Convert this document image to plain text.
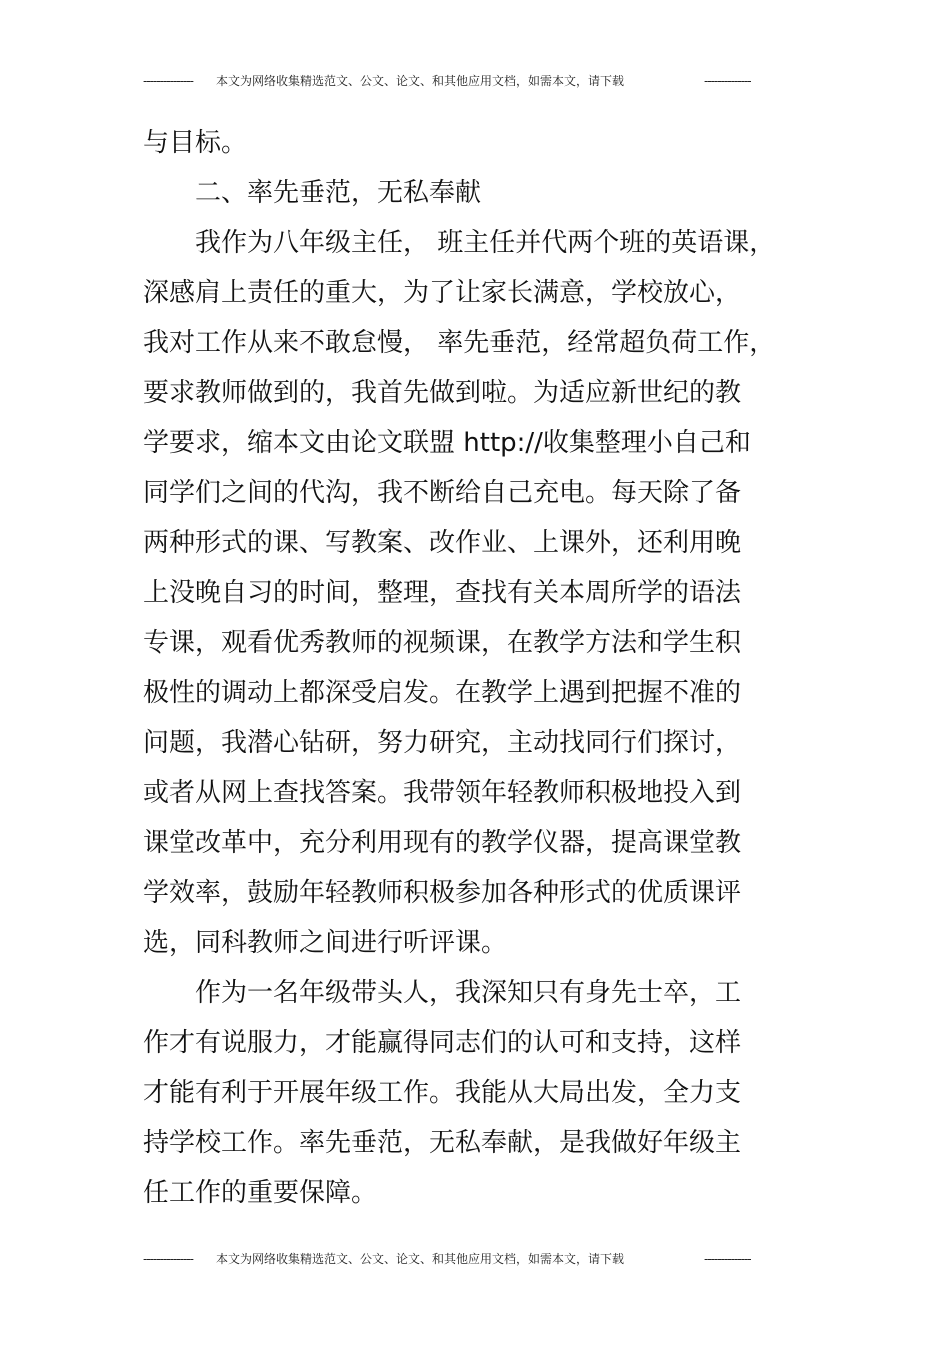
--------------- 本文为网络收集精选范文、公文、论文、和其他应用文档，如需本文，请下载	--------------
与目标。
　　二、率先垂范，无私奉献
　　我作为八年级主任， 班主任并代两个班的英语课，
深感肩上责任的重大，为了让家长满意，学校放心，
我对工作从来不敢怠慢， 率先垂范，经常超负荷工作，
要求教师做到的，我首先做到啦。为适应新世纪的教
学要求，缩本文由论文联盟 http://收集整理小自己和
同学们之间的代沟，我不断给自己充电。每天除了备
两种形式的课、写教案、改作业、上课外，还利用晚
上没晚自习的时间，整理，查找有关本周所学的语法
专课，观看优秀教师的视频课，在教学方法和学生积
极性的调动上都深受启发。在教学上遇到把握不准的
问题，我潜心钻研，努力研究，主动找同行们探讨，
或者从网上查找答案。我带领年轻教师积极地投入到
课堂改革中，充分利用现有的教学仪器，提高课堂教
学效率，鼓励年轻教师积极参加各种形式的优质课评
选，同科教师之间进行听评课。
　　作为一名年级带头人，我深知只有身先士卒，工
作才有说服力，才能赢得同志们的认可和支持，这样
才能有利于开展年级工作。我能从大局出发，全力支
持学校工作。率先垂范，无私奉献，是我做好年级主
任工作的重要保障。
--------------- 本文为网络收集精选范文、公文、论文、和其他应用文档，如需本文，请下载	--------------
